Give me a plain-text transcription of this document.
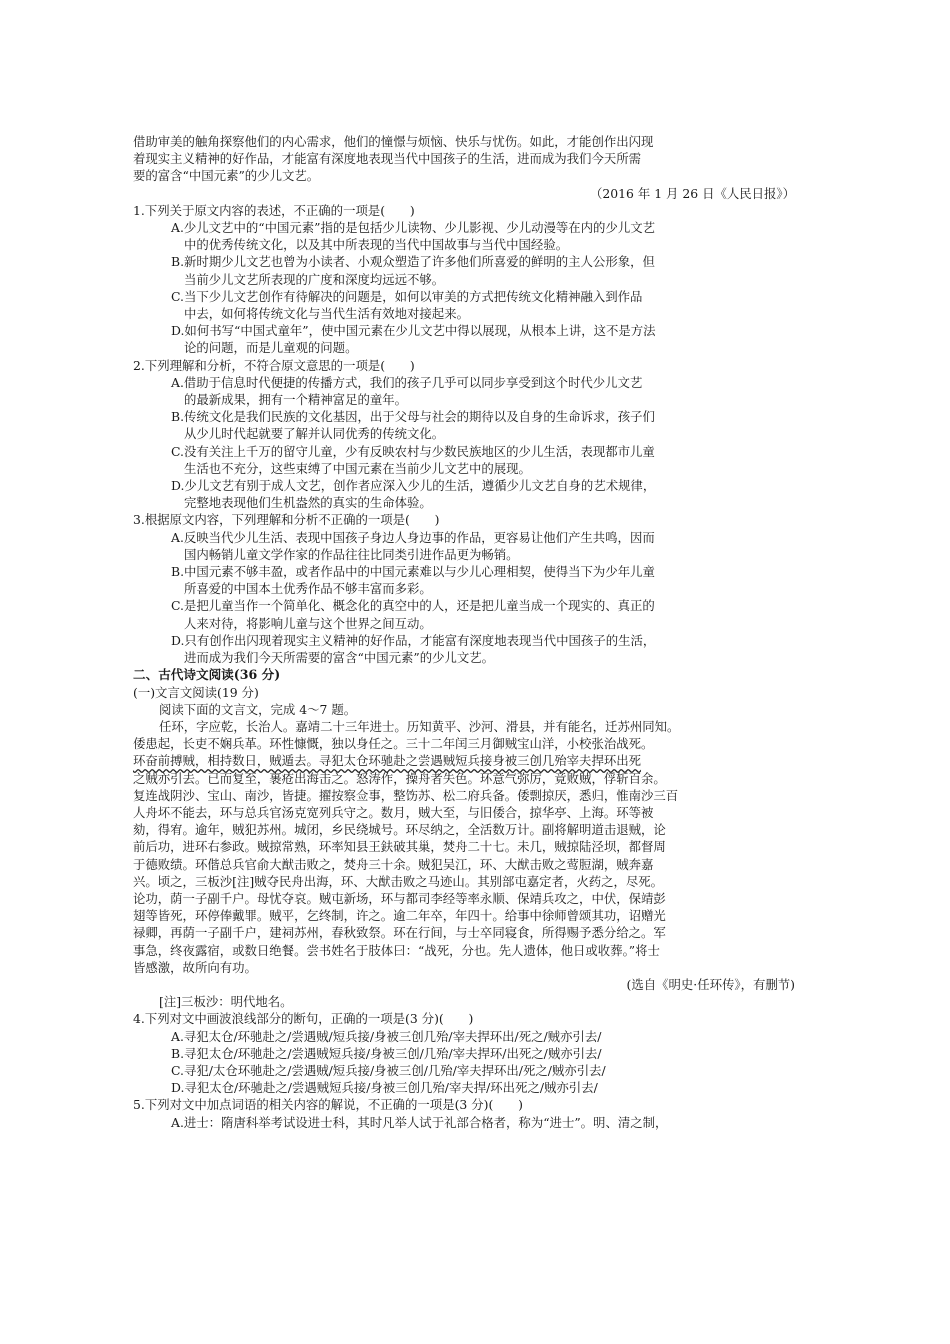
借助审美的触角探察他们的内心需求，他们的憧憬与烦恼、快乐与忧伤。如此，才能创作出闪现

着现实主义精神的好作品，才能富有深度地表现当代中国孩子的生活，进而成为我们今天所需

要的富含“中国元素”的少儿文艺。

（2016 年 1 月 26 日《人民日报》）

1.下列关于原文内容的表述，不正确的一项是(　　)

A.少儿文艺中的“中国元素”指的是包括少儿读物、少儿影视、少儿动漫等在内的少儿文艺

中的优秀传统文化，以及其中所表现的当代中国故事与当代中国经验。

B.新时期少儿文艺也曾为小读者、小观众塑造了许多他们所喜爱的鲜明的主人公形象，但

当前少儿文艺所表现的广度和深度均远远不够。

C.当下少儿文艺创作有待解决的问题是，如何以审美的方式把传统文化精神融入到作品

中去，如何将传统文化与当代生活有效地对接起来。

D.如何书写“中国式童年”，使中国元素在少儿文艺中得以展现，从根本上讲，这不是方法

论的问题，而是儿童观的问题。

2.下列理解和分析，不符合原文意思的一项是(　　)

A.借助于信息时代便捷的传播方式，我们的孩子几乎可以同步享受到这个时代少儿文艺

的最新成果，拥有一个精神富足的童年。

B.传统文化是我们民族的文化基因，出于父母与社会的期待以及自身的生命诉求，孩子们

从少儿时代起就要了解并认同优秀的传统文化。

C.没有关注上千万的留守儿童，少有反映农村与少数民族地区的少儿生活，表现都市儿童

生活也不充分，这些束缚了中国元素在当前少儿文艺中的展现。

D.少儿文艺有别于成人文艺，创作者应深入少儿的生活，遵循少儿文艺自身的艺术规律，

完整地表现他们生机盎然的真实的生命体验。

3.根据原文内容，下列理解和分析不正确的一项是(　　)

A.反映当代少儿生活、表现中国孩子身边人身边事的作品，更容易让他们产生共鸣，因而

国内畅销儿童文学作家的作品往往比同类引进作品更为畅销。

B.中国元素不够丰盈，或者作品中的中国元素难以与少儿心理相契，使得当下为少年儿童

所喜爱的中国本土优秀作品不够丰富而多彩。

C.是把儿童当作一个简单化、概念化的真空中的人，还是把儿童当成一个现实的、真正的

人来对待，将影响儿童与这个世界之间互动。

D.只有创作出闪现着现实主义精神的好作品，才能富有深度地表现当代中国孩子的生活，

进而成为我们今天所需要的富含“中国元素”的少儿文艺。

二、古代诗文阅读(36 分)

(一)文言文阅读(19 分)

阅读下面的文言文，完成 4～7 题。

任环，字应乾，长治人。嘉靖二十三年进士。历知黄平、沙河、滑县，并有能名，迁苏州同知。

倭患起，长吏不娴兵革。环性慷慨，独以身任之。三十二年闰三月御贼宝山洋，小校张治战死。

环奋前搏贼，相持数日，贼遁去。寻犯太仓环驰赴之尝遇贼短兵接身被三创几殆宰夫捍环出死

之贼亦引去。已而复至，裹疮出海击之。怒涛作，操舟者失色。环意气弥厉，竟败贼，俘斩百余。

复连战阴沙、宝山、南沙，皆捷。擢按察佥事，整饬苏、松二府兵备。倭剽掠厌，悉归，惟南沙三百

人舟坏不能去，环与总兵官汤克宽列兵守之。数月，贼大至，与旧倭合，掠华亭、上海。环等被

劾，得宥。逾年，贼犯苏州。城闭，乡民绕城号。环尽纳之，全活数万计。副将解明道击退贼，论

前后功，进环右参政。贼掠常熟，环率知县王鈇破其巢，焚舟二十七。未几，贼掠陆泾坝，都督周

于德败绩。环偕总兵官俞大猷击败之，焚舟三十余。贼犯吴江，环、大猷击败之莺脰湖，贼奔嘉

兴。顷之，三板沙[注]贼夺民舟出海，环、大猷击败之马迹山。其别部屯嘉定者，火药之，尽死。

论功，荫一子副千户。母忧夺哀。贼屯新场，环与都司李经等率永顺、保靖兵攻之，中伏，保靖彭

翅等皆死，环停俸戴罪。贼平，乞终制，许之。逾二年卒，年四十。给事中徐师曾颂其功，诏赠光

禄卿，再荫一子副千户，建祠苏州，春秋致祭。环在行间，与士卒同寝食，所得赐予悉分给之。军

事急，终夜露宿，或数日绝餐。尝书姓名于肢体曰：“战死，分也。先人遗体，他日或收葬。”将士

皆感激，故所向有功。

(选自《明史·任环传》，有删节)

[注]三板沙：明代地名。

4.下列对文中画波浪线部分的断句，正确的一项是(3 分)(　　)

A.寻犯太仓/环驰赴之/尝遇贼/短兵接/身被三创几殆/宰夫捍环出/死之/贼亦引去/

B.寻犯太仓/环驰赴之/尝遇贼短兵接/身被三创/几殆/宰夫捍环/出死之/贼亦引去/

C.寻犯/太仓环驰赴之/尝遇贼/短兵接/身被三创/几殆/宰夫捍环出/死之/贼亦引去/

D.寻犯太仓/环驰赴之/尝遇贼短兵接/身被三创几殆/宰夫捍/环出死之/贼亦引去/

5.下列对文中加点词语的相关内容的解说，不正确的一项是(3 分)(　　)

A.进士：隋唐科举考试设进士科，其时凡举人试于礼部合格者，称为“进士”。明、清之制，
